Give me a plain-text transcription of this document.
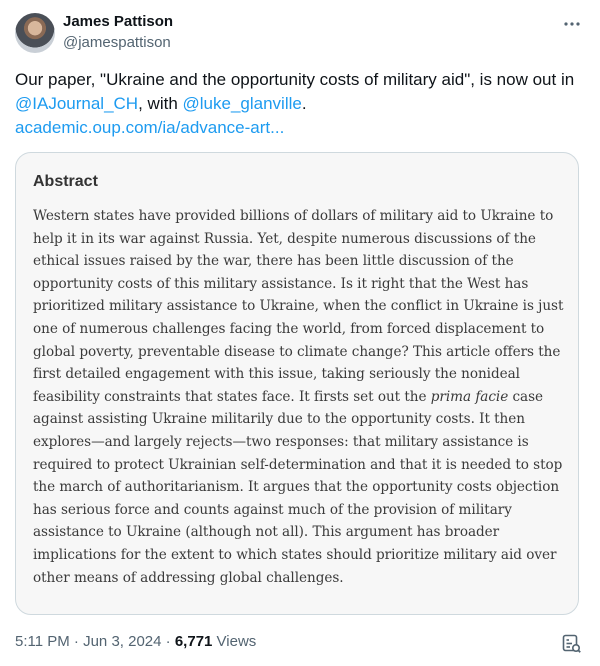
James Pattison
@jamespattison
Our paper, "Ukraine and the opportunity costs of military aid", is now out in @IAJournal_CH, with @luke_glanville.
academic.oup.com/ia/advance-art...
Abstract
Western states have provided billions of dollars of military aid to Ukraine to
help it in its war against Russia. Yet, despite numerous discussions of the
ethical issues raised by the war, there has been little discussion of the
opportunity costs of this military assistance. Is it right that the West has
prioritized military assistance to Ukraine, when the conflict in Ukraine is just
one of numerous challenges facing the world, from forced displacement to
global poverty, preventable disease to climate change? This article offers the
first detailed engagement with this issue, taking seriously the nonideal
feasibility constraints that states face. It firsts set out the prima facie case
against assisting Ukraine militarily due to the opportunity costs. It then
explores—and largely rejects—two responses: that military assistance is
required to protect Ukrainian self-determination and that it is needed to stop
the march of authoritarianism. It argues that the opportunity costs objection
has serious force and counts against much of the provision of military
assistance to Ukraine (although not all). This argument has broader
implications for the extent to which states should prioritize military aid over
other means of addressing global challenges.
5:11 PM · Jun 3, 2024 · 6,771 Views
